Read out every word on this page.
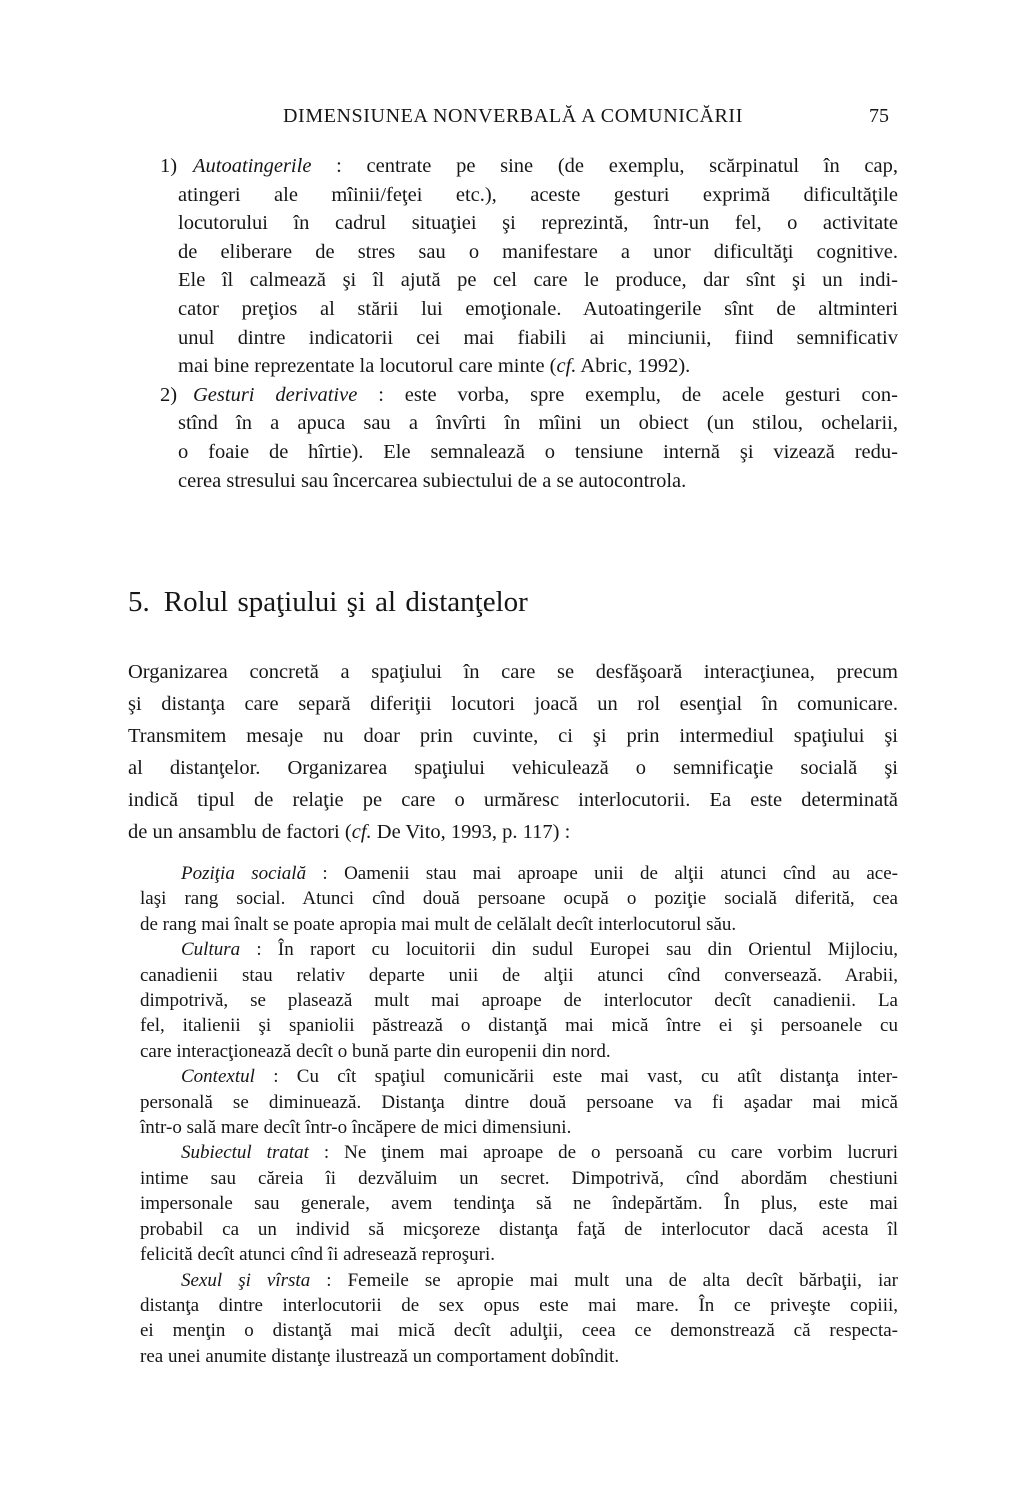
DIMENSIUNEA NONVERBALĂ A COMUNICĂRII	75
1) Autoatingerile : centrate pe sine (de exemplu, scărpinatul în cap,
atingeri ale mîinii/feţei etc.), aceste gesturi exprimă dificultăţile
locutorului în cadrul situaţiei şi reprezintă, într-un fel, o activitate
de eliberare de stres sau o manifestare a unor dificultăţi cognitive.
Ele îl calmează şi îl ajută pe cel care le produce, dar sînt şi un indi-
cator preţios al stării lui emoţionale. Autoatingerile sînt de altminteri
unul dintre indicatorii cei mai fiabili ai minciunii, fiind semnificativ
mai bine reprezentate la locutorul care minte (cf. Abric, 1992).
2) Gesturi derivative : este vorba, spre exemplu, de acele gesturi con-
stînd în a apuca sau a învîrti în mîini un obiect (un stilou, ochelarii,
o foaie de hîrtie). Ele semnalează o tensiune internă şi vizează redu-
cerea stresului sau încercarea subiectului de a se autocontrola.
5. Rolul spaţiului şi al distanţelor
Organizarea concretă a spaţiului în care se desfăşoară interacţiunea, precum
şi distanţa care separă diferiţii locutori joacă un rol esenţial în comunicare.
Transmitem mesaje nu doar prin cuvinte, ci şi prin intermediul spaţiului şi
al distanţelor. Organizarea spaţiului vehiculează o semnificaţie socială şi
indică tipul de relaţie pe care o urmăresc interlocutorii. Ea este determinată
de un ansamblu de factori (cf. De Vito, 1993, p. 117) :
Poziţia socială : Oamenii stau mai aproape unii de alţii atunci cînd au ace-
laşi rang social. Atunci cînd două persoane ocupă o poziţie socială diferită, cea
de rang mai înalt se poate apropia mai mult de celălalt decît interlocutorul său.
Cultura : În raport cu locuitorii din sudul Europei sau din Orientul Mijlociu,
canadienii stau relativ departe unii de alţii atunci cînd conversează. Arabii,
dimpotrivă, se plasează mult mai aproape de interlocutor decît canadienii. La
fel, italienii şi spaniolii păstrează o distanţă mai mică între ei şi persoanele cu
care interacţionează decît o bună parte din europenii din nord.
Contextul : Cu cît spaţiul comunicării este mai vast, cu atît distanţa inter-
personală se diminuează. Distanţa dintre două persoane va fi aşadar mai mică
într-o sală mare decît într-o încăpere de mici dimensiuni.
Subiectul tratat : Ne ţinem mai aproape de o persoană cu care vorbim lucruri
intime sau căreia îi dezvăluim un secret. Dimpotrivă, cînd abordăm chestiuni
impersonale sau generale, avem tendinţa să ne îndepărtăm. În plus, este mai
probabil ca un individ să micşoreze distanţa faţă de interlocutor dacă acesta îl
felicită decît atunci cînd îi adresează reproşuri.
Sexul şi vîrsta : Femeile se apropie mai mult una de alta decît bărbaţii, iar
distanţa dintre interlocutorii de sex opus este mai mare. În ce priveşte copiii,
ei menţin o distanţă mai mică decît adulţii, ceea ce demonstrează că respecta-
rea unei anumite distanţe ilustrează un comportament dobîndit.
